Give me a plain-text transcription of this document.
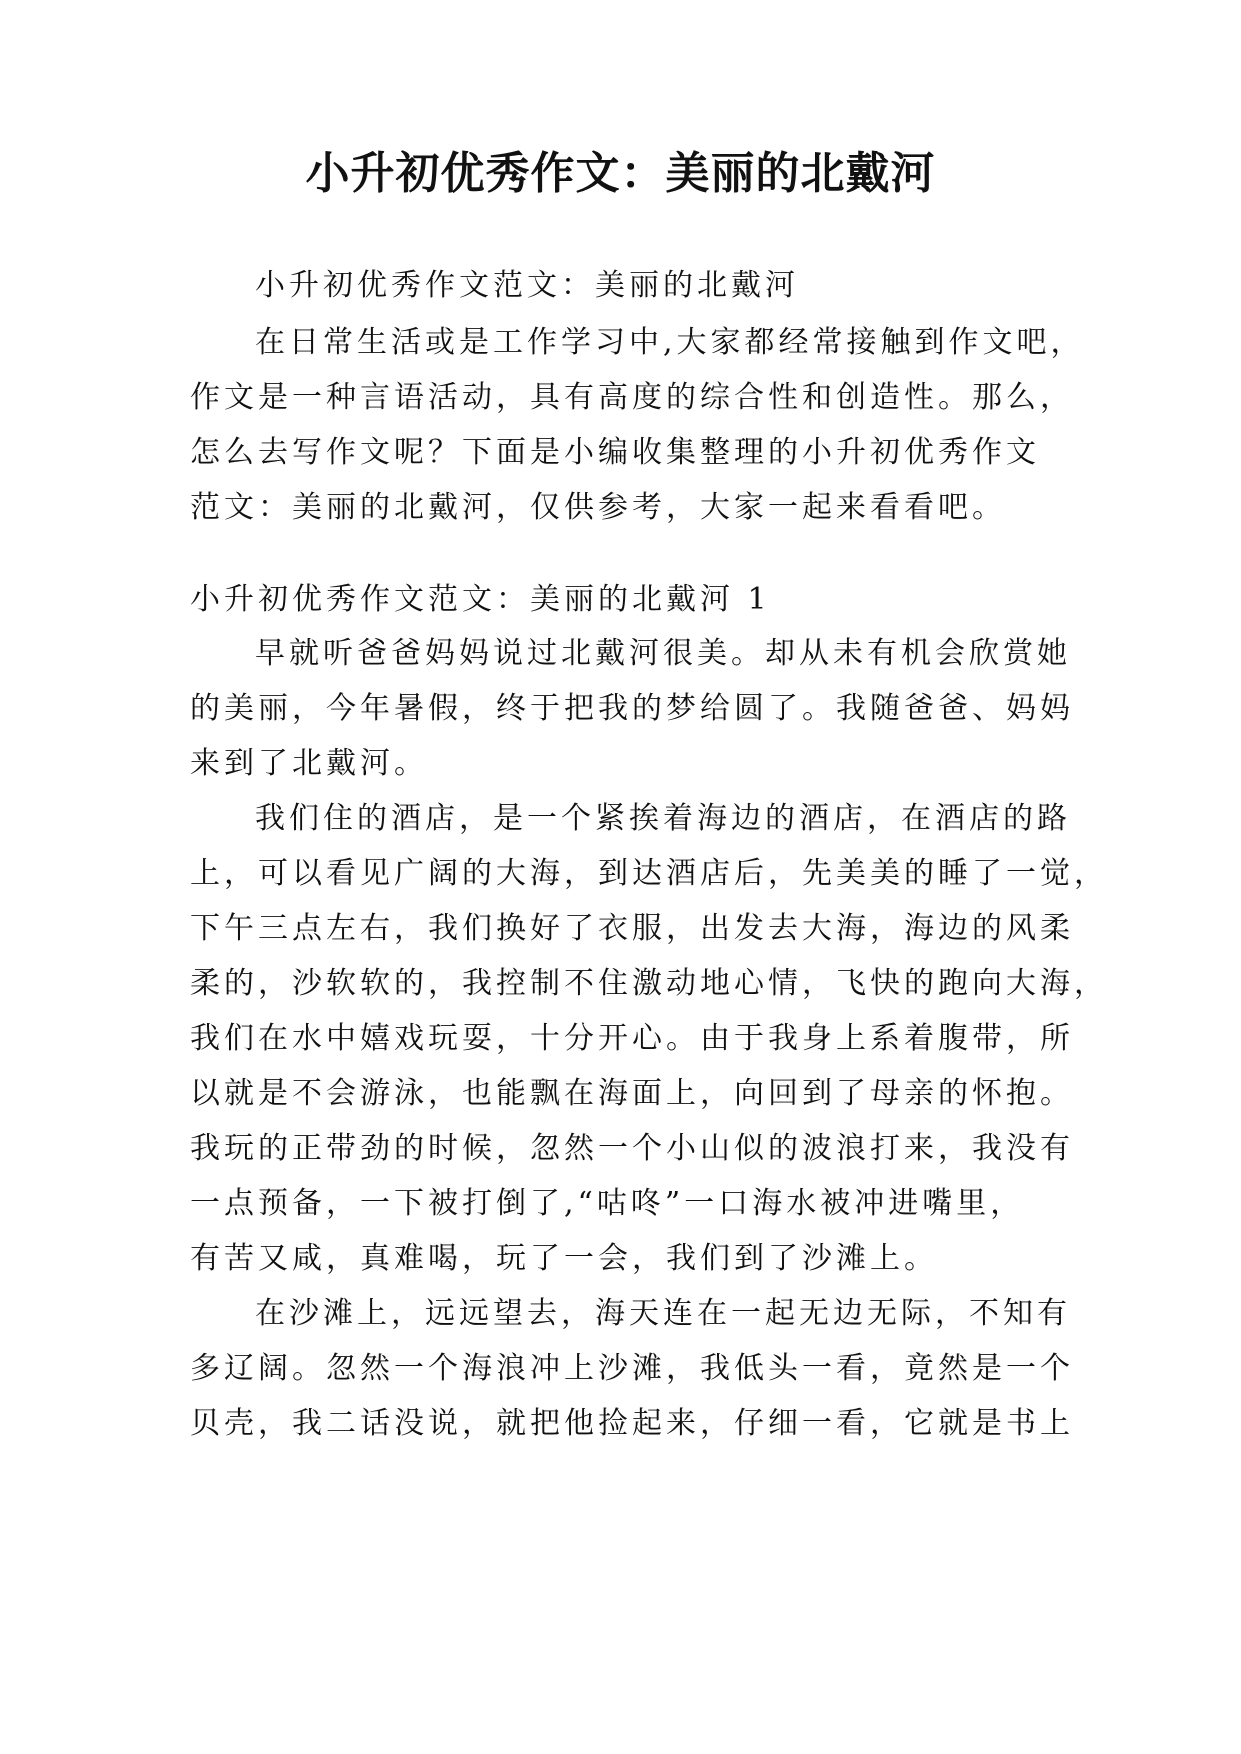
小升初优秀作文：美丽的北戴河

小升初优秀作文范文：美丽的北戴河

在日常生活或是工作学习中,大家都经常接触到作文吧，

作文是一种言语活动，具有高度的综合性和创造性。那么，

怎么去写作文呢？下面是小编收集整理的小升初优秀作文

范文：美丽的北戴河，仅供参考，大家一起来看看吧。

小升初优秀作文范文：美丽的北戴河 1

早就听爸爸妈妈说过北戴河很美。却从未有机会欣赏她

的美丽，今年暑假，终于把我的梦给圆了。我随爸爸、妈妈

来到了北戴河。

我们住的酒店，是一个紧挨着海边的酒店，在酒店的路

上，可以看见广阔的大海，到达酒店后，先美美的睡了一觉，

下午三点左右，我们换好了衣服，出发去大海，海边的风柔

柔的，沙软软的，我控制不住激动地心情，飞快的跑向大海，

我们在水中嬉戏玩耍，十分开心。由于我身上系着腹带，所

以就是不会游泳，也能飘在海面上，向回到了母亲的怀抱。

我玩的正带劲的时候，忽然一个小山似的波浪打来，我没有

一点预备，一下被打倒了,“咕咚”一口海水被冲进嘴里，

有苦又咸，真难喝，玩了一会，我们到了沙滩上。

在沙滩上，远远望去，海天连在一起无边无际，不知有

多辽阔。忽然一个海浪冲上沙滩，我低头一看，竟然是一个

贝壳，我二话没说，就把他捡起来，仔细一看，它就是书上
